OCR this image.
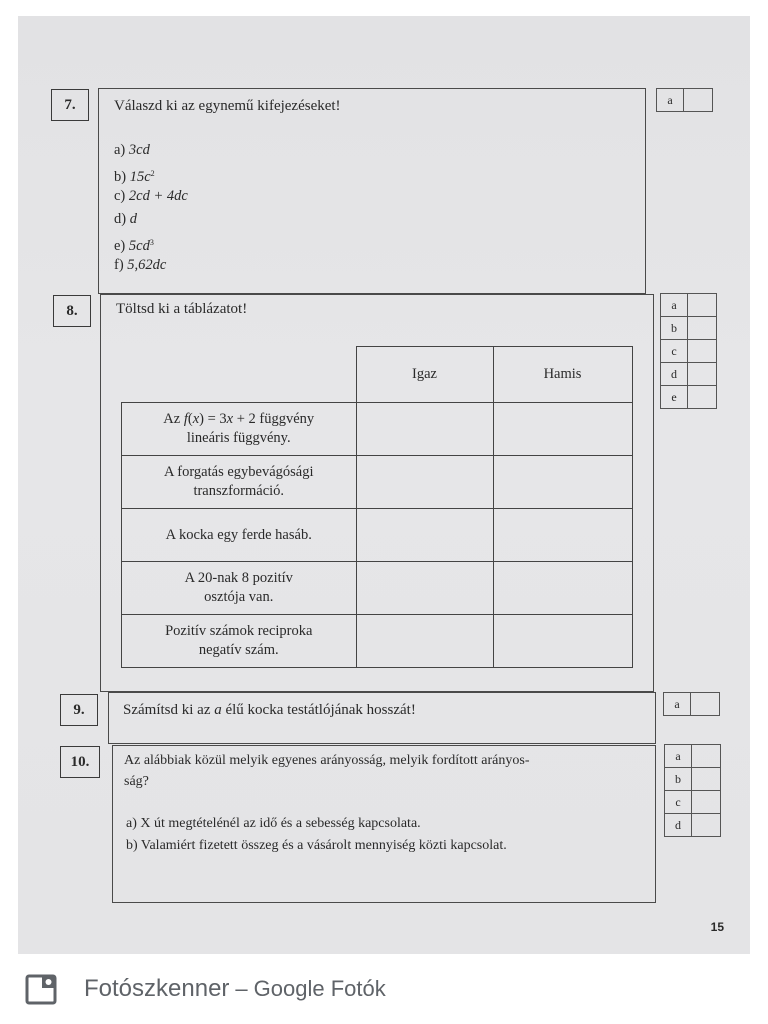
7.	Válaszd ki az egynemű kifejezéseket!
a) 3cd
b) $15c^2$
c) 2cd + 4dc
d) d
e) $5cd^3$
f) 5,62dc
a	
8.	Töltsd ki a táblázatot!
	Igaz	Hamis

Az f(x) = 3x + 2 függvény
lineáris függvény.		

A forgatás egybevágósági
transzformáció.		

A kocka egy ferde hasáb.		

A 20-nak 8 pozitív
osztója van.		

Pozitív számok reciproka
negatív szám.		

a	
b	
c	
d	
e	
9.	Számítsd ki az a élű kocka testátlójának hosszát!	a	
10. Az alábbiak közül melyik egyenes arányosság, melyik fordított arányos-
ság?
a) X út megtételénél az idő és a sebesség kapcsolata.
b) Valamiért fizetett összeg és a vásárolt mennyiség közti kapcsolat.
a	
b	
c	
d	
15
Fotószkenner – Google Fotók
